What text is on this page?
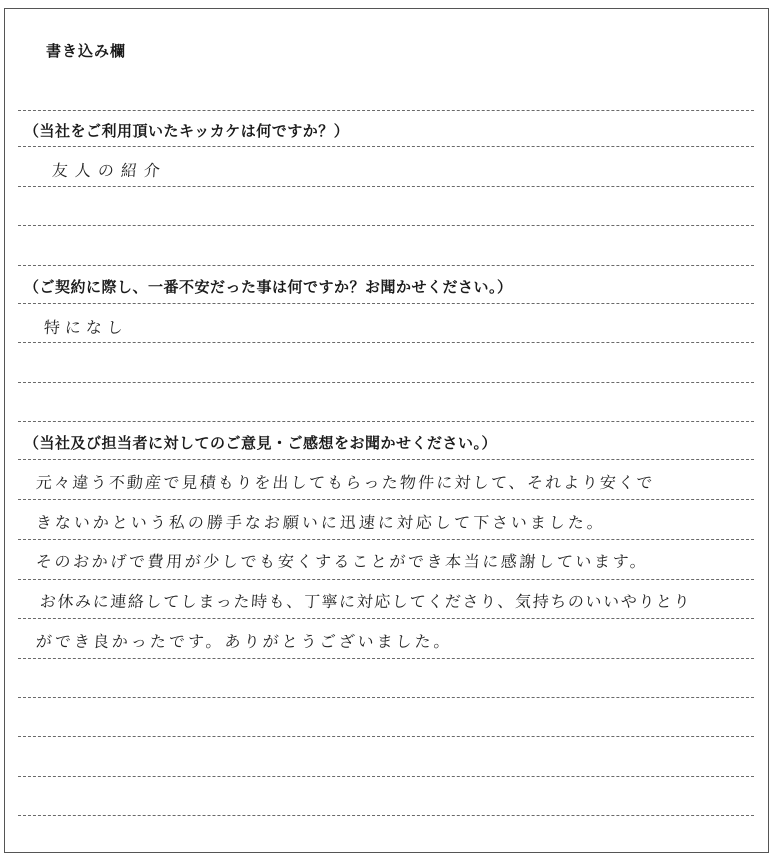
書き込み欄
（当社をご利用頂いたキッカケは何ですか？）
友人の紹介
（ご契約に際し、一番不安だった事は何ですか？お聞かせください。）
特になし
（当社及び担当者に対してのご意見・ご感想をお聞かせください。）
元々違う不動産で見積もりを出してもらった物件に対して、それより安くで
きないかという私の勝手なお願いに迅速に対応して下さいました。
そのおかげで費用が少しでも安くすることができ本当に感謝しています。
お休みに連絡してしまった時も、丁寧に対応してくださり、気持ちのいいやりとり
ができ良かったです。ありがとうございました。
